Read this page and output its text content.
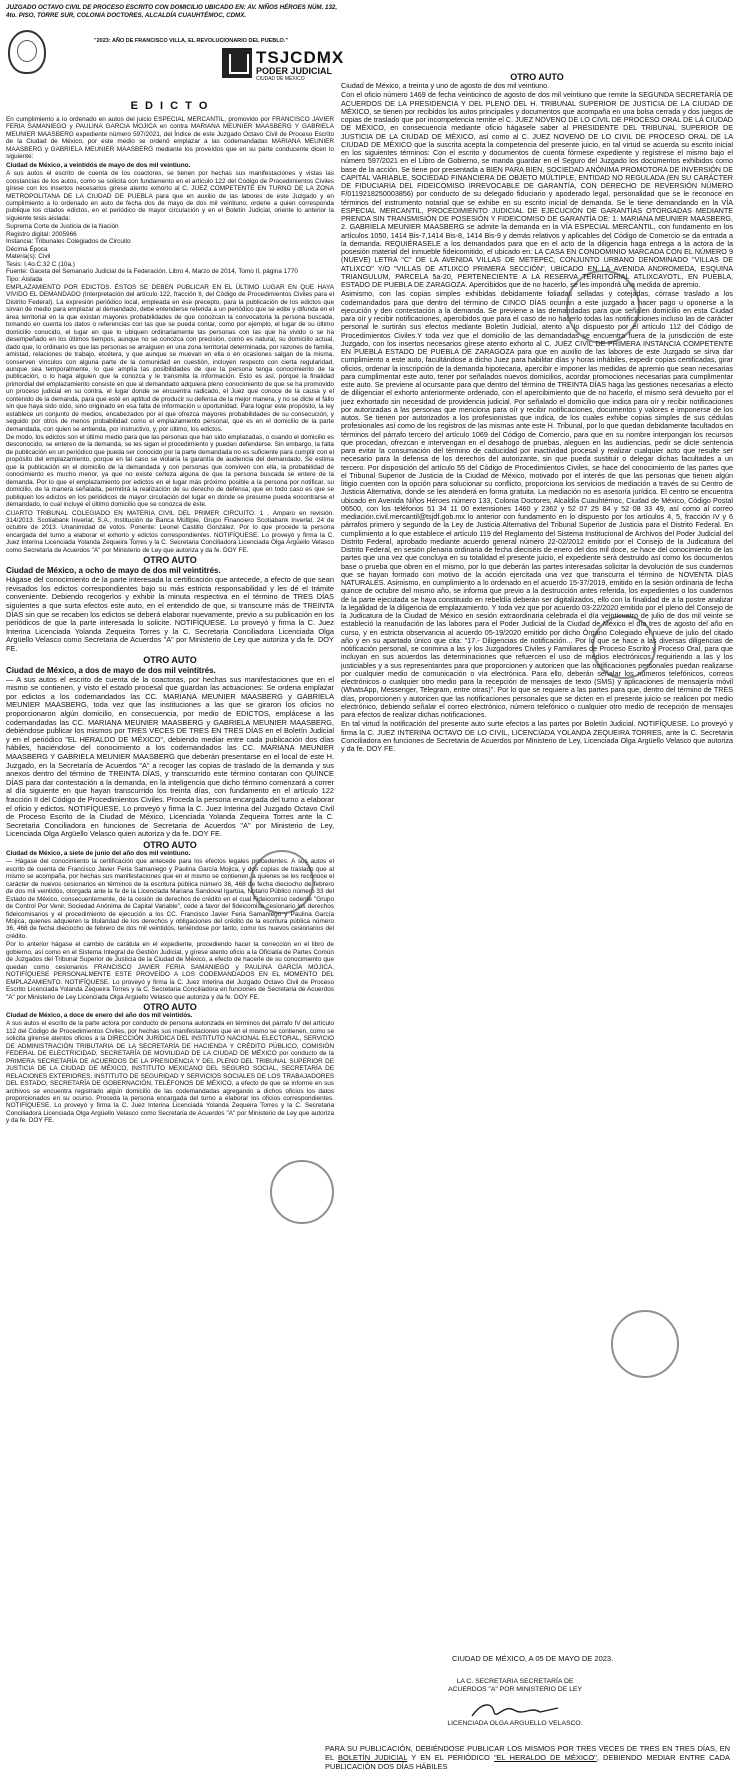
JUZGADO OCTAVO CIVIL DE PROCESO ESCRITO CON DOMICILIO UBICADO EN: AV. NIÑOS HÉROES NÚM. 132, 4to. PISO, TORRE SUR, COLONIA DOCTORES, ALCALDÍA CUAUHTÉMOC, CDMX.
"2023: AÑO DE FRANCISCO VILLA, EL REVOLUCIONARIO DEL PUEBLO."
TSJCDMX
PODER JUDICIAL
CIUDAD DE MÉXICO
E D I C T O

En cumplimiento a lo ordenado en autos del juicio ESPECIAL MERCANTIL, promovido por FRANCISCO JAVIER FERIA SAMANIEGO y PAULINA GARCIA MOJICA en contra MARIANA MEUNIER MAASBERG Y GABRIELA MEUNIER MAASBERG expediente número 597/2021, del Índice de este Juzgado Octavo Civil de Proceso Escrito de la Ciudad de México, por este medio se ordenó emplazar a las codemandadas MARIANA MEUNIER MAASBERG y GABRIELA MEUNIER MAASBERG mediante los proveídos que en su parte conducente dicen lo siguiente:

Ciudad de México, a veintidós de mayo de dos mil veintiuno.

A sus autos el escrito de cuenta de los coactores, se tienen por hechas sus manifestaciones y vistas las constancias de los autos, como se solicita con fundamento en el artículo 122 del Código de Procedimientos Civiles gírese con los insertos necesarios gírese atento exhorto al C. JUEZ COMPETENTE EN TURNO DE LA ZONA METROPOLITANA DE LA CIUDAD DE PUEBLA para que en auxilio de las labores de este Juzgado y en cumplimiento a lo ordenado en auto de fecha dos de mayo de dos mil veintiuno, ordene a quien corresponda publique los citados edictos, en el periódico de mayor circulación y en el Boletín Judicial, oriente lo anterior la siguiente tesis aislada:

Suprema Corte de Justicia de la Nación
Registro digital: 2005966
Instancia: Tribunales Colegiados de Circuito
Décima Época
Materia(s): Civil
Tesis: I.4o.C.32 C (10a.)
Fuente: Gaceta del Semanario Judicial de la Federación. Libro 4, Marzo de 2014, Tomo II, página 1770
Tipo: Aislada

EMPLAZAMIENTO POR EDICTOS. ÉSTOS SE DEBEN PUBLICAR EN EL ÚLTIMO LUGAR EN QUE HAYA VIVIDO EL DEMANDADO (Interpretación del artículo 122, fracción II, del Código de Procedimientos Civiles para el Distrito Federal). La expresión periódico local, empleada en ese precepto, para la publicación de los edictos que sirvan de medio para emplazar al demandado, debe entenderse referida a un periódico que se edite y difunda en el área territorial en la que existan mayores probabilidades de que conozcan la convocatoria la persona buscada, tomando en cuenta los datos o referencias con las que se pueda contar, como por ejemplo, el lugar de su último domicilio conocido, el lugar en que lo ubiquen ordinariamente las personas con las que ha vivido o se ha desempeñado en los últimos tiempos, aunque no se conozca con precisión, como es natural, su domicilio actual, dado que, lo ordinario es que las personas se arraiguen en una zona territorial determinada, por razones de familia, amistad, relaciones de trabajo, etcétera, y que aunque se muevan en ella o en ocasiones salgan de la misma, conserven vínculos con alguna parte de la comunidad en cuestión, incluyen respecto con cierta regularidad, aunque sea temporalmente, lo que amplía las posibilidades de que la persona tenga conocimiento de la publicación, o lo haga alguien que la conozca y le transmita la información. Esto es así, porque la finalidad primordial del emplazamiento consiste en que al demandado adquiera pleno conocimiento de que se ha promovido un proceso judicial en su contra, el lugar donde se encuentra radicado, el Juez que conoce de la causa y el contenido de la demanda, para que esté en aptitud de producir su defensa de la mejor manera, y no se dicte el fallo sin que haya sido oído, sino originado en esa falta de información u oportunidad. Para lograr este propósito, la ley establece un conjunto de medios, encabezados por el que ofrezca mayores probabilidades de su consecución, y seguido por otros de menos probabilidad como el emplazamiento personal, que es en el domicilio de la parte demandada, con quien se entienda, por instructivo, y, por último, los edictos.

De modo, los edictos son el último medio para que las personas que han sido emplazadas, o cuando el domicilio es desconocido, se enteren de la demanda, se les sigan el procedimiento y puedan defenderse. Sin embargo, la falta de publicación en un periódico que pueda ser conocido por la parte demandada no es suficiente para cumplir con el propósito del emplazamiento, porque en tal caso se violaría la garantía de audiencia del demandado. Se estima que la publicación en el domicilio de la demandada y con personas que conviven con ella, la probabilidad de conocimiento es mucho menor, ya que no existe certeza alguna de que la persona buscada se entere de la demanda. Por lo que el emplazamiento por edictos en el lugar más próximo posible a la persona por notificar, su domicilio, de la manera señalada, permitirá la realización de su derecho de defensa; que en todo caso es que se publiquen los edictos en los periódicos de mayor circulación del lugar en donde se presume pueda encontrarse el demandado, lo cual incluye el último domicilio que se conozca de éste.

CUARTO TRIBUNAL COLEGIADO EN MATERIA CIVIL DEL PRIMER CIRCUITO. 1 . Amparo en revisión. 314/2013. Scotiabank Inverlat, S.A., Institución de Banca Múltiple, Grupo Financiero Scotiabank Inverlat. 24 de octubre de 2013. Unanimidad de votos. Ponente: Leonel Castillo González. Por lo que procede la persona encargada del turno a elaborar el exhorto y edictos correspondientes. NOTIFÍQUESE. Lo proveyó y firma la C. Juez Interina Licenciada Yolanda Zequeira Torres y la C. Secretaria Conciliadora Licenciada Olga Argüello Velasco como Secretaria de Acuerdos "A" por Ministerio de Ley que autoriza y da fe. DOY FE.

OTRO AUTO

Ciudad de México, a ocho de mayo de dos mil veintitrés.

Hágase del conocimiento de la parte interesada la certificación que antecede, a efecto de que sean revisados los edictos correspondientes bajo su más estricta responsabilidad y les dé el trámite conveniente. Debiendo recogerlos y exhibir la minuta respectiva en el término de TRES DÍAS siguientes a que surta efectos este auto, en el entendido de que, si transcurre más de TREINTA DÍAS sin que se recaben los edictos se deberá elaborar nuevamente, previo a su publicación en los periódicos de que la parte interesada lo solicite. NOTIFÍQUESE. Lo proveyó y firma la C. Juez Interina Licenciada Yolanda Zequeira Torres y la C. Secretaria Conciliadora Licenciada Olga Argüello Velasco como Secretaria de Acuerdos "A" por Ministerio de Ley que autoriza y da fe. DOY FE.

OTRO AUTO

Ciudad de México, a dos de mayo de dos mil veintitrés.

— A sus autos el escrito de cuenta de la coactoras, por hechas sus manifestaciones que en el mismo se contienen, y visto el estado procesal que guardan las actuaciones: Se ordena emplazar por edictos a los codemandados las CC. MARIANA MEUNIER MAASBERG y GABRIELA MEUNIER MAASBERG, toda vez que las instituciones a las que se giraron los oficios no proporcionaron algún domicilio, en consecuencia, por medio de EDICTOS, emplácese a las codemandadas las CC. MARIANA MEUNIER MAASBERG y GABRIELA MEUNIER MAASBERG, debiéndose publicar los mismos por TRES VECES DE TRES EN TRES DÍAS en el Boletín Judicial y en el periódico "EL HERALDO DE MÉXICO", debiendo mediar entre cada publicación dos días hábiles, haciéndose del conocimiento a los codemandados las CC. MARIANA MEUNIER MAASBERG Y GABRIELA MEUNIER MAASBERG que deberán presentarse en el local de este H. Juzgado, en la Secretaría de Acuerdos "A" a recoger las copias de traslado de la demanda y sus anexos dentro del término de TREINTA DÍAS, y transcurrido este término contaran con QUINCE DÍAS para dar contestación a la demanda, en la inteligencia que dicho término comenzará a correr al día siguiente en que hayan transcurrido los treinta días, con fundamento en el artículo 122 fracción II del Código de Procedimientos Civiles. Proceda la persona encargada del turno a elaborar el oficio y edictos. NOTIFÍQUESE. Lo proveyó y firma la C. Juez Interina del Juzgado Octavo Civil de Proceso Escrito de la Ciudad de México, Licenciada Yolanda Zequeira Torres ante la C. Secretaria Conciliadora en funciones de Secretaria de Acuerdos "A" por Ministerio de Ley, Licenciada Olga Argüello Velasco quien autoriza y da fe. DOY FE.

OTRO AUTO

Ciudad de México, a siete de junio del año dos mil veintiuno.

— Hágase del conocimiento la certificación que antecede para los efectos legales procedentes. A sus autos el escrito de cuenta de Francisco Javier Feria Samaniego y Paulina García Mojica, y dos copias de traslado que al mismo se acompaña, por hechas sus manifestaciones que en el mismo se contienen, a quienes se les reconoce el carácter de nuevos cesionarios en términos de la escritura pública número 36, 468 de fecha dieciocho de febrero de dos mil veintidós, otorgada ante la fe de la Licenciada Mariana Sandoval Igartúa, Notario Público número 33 del Estado de México, consecuentemente, de la cesión de derechos de crédito en el cual Fideicomiso cedente "Grupo de Control Por Venir, Sociedad Anónima de Capital Variable", cede a favor del fideicomiso cesionario los derechos fideicomisarios y el procedimiento de ejecución a los CC. Francisco Javier Feria Samaniego y Paulina García Mojica, quienes adquieren la titularidad de los derechos y obligaciones del crédito de la escritura pública número 36, 468 de fecha dieciocho de febrero de dos mil veintidós, teniéndose por tanto, como los nuevos cesionarios del crédito.

Por lo anterior hágase el cambio de carátula en el expediente, procediendo hacer la corrección en el libro de gobierno, así como en el Sistema Integral de Gestión Judicial, y gírese atento oficio a la Oficialía de Partes Común de Juzgados del Tribunal Superior de Justicia de la Ciudad de México, a efecto de hacerle de su conocimiento que quedan como cesionarios FRANCISCO JAVIER FERIA SAMANIEGO y PAULINA GARCÍA MOJICA. NOTIFÍQUESE PERSONALMENTE ESTE PROVEÍDO A LOS CODEMANDADOS EN EL MOMENTO DEL EMPLAZAMIENTO. NOTIFÍQUESE. Lo proveyó y firma la C. Juez Interina del Juzgado Octavo Civil de Proceso Escrito Licenciada Yolanda Zequeira Torres y la C. Secretaria Conciliadora en funciones de Secretaria de Acuerdos "A" por Ministerio de Ley Licenciada Olga Argüello Velasco que autoriza y da fe. DOY FE.

OTRO AUTO

Ciudad de México, a doce de enero del año dos mil veintidós.

A sus autos el escrito de la parte actora por conducto de persona autorizada en términos del párrafo IV del artículo 112 del Código de Procedimientos Civiles, por hechas sus manifestaciones que en el mismo se contienen, como se solicita gírense atentos oficios a la DIRECCIÓN JURÍDICA DEL INSTITUTO NACIONAL ELECTORAL, SERVICIO DE ADMINISTRACIÓN TRIBUTARIA DE LA SECRETARÍA DE HACIENDA Y CRÉDITO PÚBLICO, COMISIÓN FEDERAL DE ELECTRICIDAD, SECRETARÍA DE MOVILIDAD DE LA CIUDAD DE MÉXICO por conducto de la PRIMERA SECRETARÍA DE ACUERDOS DE LA PRESIDENCIA Y DEL PLENO DEL TRIBUNAL SUPERIOR DE JUSTICIA DE LA CIUDAD DE MÉXICO, INSTITUTO MEXICANO DEL SEGURO SOCIAL, SECRETARÍA DE RELACIONES EXTERIORES, INSTITUTO DE SEGURIDAD Y SERVICIOS SOCIALES DE LOS TRABAJADORES DEL ESTADO, SECRETARÍA DE GOBERNACIÓN, TELÉFONOS DE MÉXICO, a efecto de que se informe en sus archivos se encuentra registrado algún domicilio de las codemandadas agregando a dichos oficios los datos proporcionados en su ocurso. Proceda la persona encargada del turno a elaborar los oficios correspondientes. NOTIFÍQUESE. Lo proveyó y firma la C. Juez Interina Licenciada Yolanda Zequeira Torres y la C. Secretaria Conciliadora Licenciada Olga Argüello Velasco como Secretaria de Acuerdos "A" por Ministerio de Ley que autoriza y da fe. DOY FE.

OTRO AUTO

Ciudad de México, a treinta y uno de agosto de dos mil veintiuno.

Con el oficio número 1469 de fecha veinticinco de agosto de dos mil veintiuno que remite la SEGUNDA SECRETARÍA DE ACUERDOS DE LA PRESIDENCIA Y DEL PLENO DEL H. TRIBUNAL SUPERIOR DE JUSTICIA DE LA CIUDAD DE MÉXICO, se tienen por recibidos los autos principales y documentos que acompaña en una bolsa cerrada y dos juegos de copias de traslado que por incompetencia remite el C. JUEZ NOVENO DE LO CIVIL DE PROCESO ORAL DE LA CIUDAD DE MÉXICO, en consecuencia mediante oficio hágasele saber al PRESIDENTE DEL TRIBUNAL SUPERIOR DE JUSTICIA DE LA CIUDAD DE MÉXICO, así como al C. JUEZ NOVENO DE LO CIVIL DE PROCESO ORAL DE LA CIUDAD DE MÉXICO que la suscrita acepta la competencia del presente juicio, en tal virtud se acuerda su escrito inicial en los siguientes términos: Con el escrito y documentos de cuenta fórmese expediente y regístrese el mismo bajo el número 597/2021 en el Libro de Gobierno, se manda guardar en el Seguro del Juzgado los documentos exhibidos como base de la acción. Se tiene por presentada a BIEN PARA BIEN, SOCIEDAD ANÓNIMA PROMOTORA DE INVERSIÓN DE CAPITAL VARIABLE, SOCIEDAD FINANCIERA DE OBJETO MÚLTIPLE, ENTIDAD NO REGULADA (EN SU CARÁCTER DE FIDUCIARIA DEL FIDEICOMISO IRREVOCABLE DE GARANTÍA, CON DERECHO DE REVERSIÓN NÚMERO F/0119218250003856) por conducto de su delegado fiduciario y apoderado legal, personalidad que se le reconoce en términos del instrumento notarial que se exhibe en su escrito inicial de demanda. Se le tiene demandando en la VÍA ESPECIAL MERCANTIL, PROCEDIMIENTO JUDICIAL DE EJECUCIÓN DE GARANTÍAS OTORGADAS MEDIANTE PRENDA SIN TRANSMISIÓN DE POSESIÓN Y FIDEICOMISO DE GARANTÍA DE: 1. MARIANA MEUNIER MAASBERG, 2. GABRIELA MEUNIER MAASBERG se admite la demanda en la VÍA ESPECIAL MERCANTIL, con fundamento en los artículos 1050, 1414 Bis-7,1414 Bis-8, 1414 Bis-9 y demás relativos y aplicables del Código de Comercio se da entrada a la demanda. REQUIÉRASELE a los demandados para que en el acto de la diligencia haga entrega a la actora de la posesión material del inmueble fideicomitido, el ubicado en: LA CASA EN CONDOMINIO MARCADA CON EL NÚMERO 9 (NUEVE) LETRA "C" DE LA AVENIDA VILLAS DE METEPEC, CONJUNTO URBANO DENOMINADO "VILLAS DE ATLIXCO" Y/O "VILLAS DE ATLIXCO PRIMERA SECCIÓN", UBICADO EN LA AVENIDA ANDROMEDA, ESQUINA TRIANGULUM, PARCELA 5a-20, PERTENECIENTE A LA RESERVA TERRITORIAL ATLIXCAYOTL, EN PUEBLA, ESTADO DE PUEBLA DE ZARAGOZA. Apercibidos que de no hacerlo, se les impondrá una medida de apremio.

Asimismo, con las copias simples exhibidas debidamente foliadas selladas y cotejadas, córrase traslado a los codemandados para que dentro del término de CINCO DÍAS ocurran a este juzgado a hacer pago u oponerse a la ejecución y den contestación a la demanda. Se previene a las demandadas para que señalen domicilio en esta Ciudad para oír y recibir notificaciones, apercibidos que para el caso de no hacerlo todas las notificaciones incluso las de carácter personal le surtirán sus efectos mediante Boletín Judicial, atento a lo dispuesto por el artículo 112 del Código de Procedimientos Civiles.Y toda vez que el domicilio de las demandadas se encuentra fuera de la jurisdicción de este Juzgado, con los insertos necesarios gírese atento exhorto al C. JUEZ CIVIL DE PRIMERA INSTANCIA COMPETENTE EN PUEBLA ESTADO DE PUEBLA DE ZARAGOZA para que en auxilio de las labores de este Juzgado se sirva dar cumplimiento a este auto, facultándose a dicho Juez para habilitar días y horas inhábiles, expedir copias certificadas, girar oficios, ordenar la inscripción de la demanda hipotecaria, apercibir e imponer las medidas de apremio que sean necesarias para cumplimentar este auto, tener por señalados nuevos domicilios, acordar promociones necesarias para cumplimentar este auto. Se previene al ocursante para que dentro del término de TREINTA DÍAS haga las gestiones necesarias a efecto de diligenciar el exhorto anteriormente ordenado, con el apercibimiento que de no hacerlo, el mismo será devuelto por el juez exhortado sin necesidad de providencia judicial. Por señalado el domicilio que indica para oír y recibir notificaciones por autorizadas a las personas que menciona para oír y recibir notificaciones, documentos y valores e imponerse de los autos. Se tienen por autorizados a los profesionistas que indica, de los cuales exhibe copias simples de sus cédulas profesionales así como de los registros de las mismas ante este H. Tribunal, por lo que quedan debidamente facultados en términos del párrafo tercero del artículo 1069 del Código de Comercio, para que en su nombre interpongan los recursos que procedan, ofrezcan e intervengan en el desahogo de pruebas, aleguen en las audiencias, pedir se dicte sentencia para evitar la consumación del término de caducidad por inactividad procesal y realizar cualquier acto que resulte ser necesario para la defensa de los derechos del autorizante, sin que pueda sustituir o delegar dichas facultades a un tercero. Por disposición del artículo 55 del Código de Procedimientos Civiles, se hace del conocimiento de las partes que el Tribunal Superior de Justicia de la Ciudad de México, motivado por el interés de que las personas que tienen algún litigio cuenten con la opción para solucionar su conflicto, proporciona los servicios de mediación a través de su Centro de Justicia Alternativa, donde se les atenderá en forma gratuita. La mediación no es asesoría jurídica. El centro se encuentra ubicado en Avenida Niños Héroes número 133, Colonia Doctores, Alcaldía Cuauhtémoc, Ciudad de México, Código Postal 06500, con los teléfonos 51 34 11 00 extensiones 1460 y 2362 y 52 07 25 84 y 52 08 33 49, así como al correo mediación.civil.mercantil@tsjdf.gob.mx lo anterior con fundamento en lo dispuesto por los artículos 4, 5, fracción IV y 6 párrafos primero y segundo de la Ley de Justicia Alternativa del Tribunal Superior de Justicia para el Distrito Federal. En cumplimiento a lo que establece el artículo 119 del Reglamento del Sistema Institucional de Archivos del Poder Judicial del Distrito Federal, aprobado mediante acuerdo general número 22-02/2012 emitido por el Consejo de la Judicatura del Distrito Federal, en sesión plenaria ordinaria de fecha dieciséis de enero del dos mil doce, se hace del conocimiento de las partes que una vez que concluya en su totalidad el presente juicio, el expediente será destruido así como los documentos base o prueba que obren en el mismo, por lo que deberán las partes interesadas solicitar la devolución de sus cuadernos que se hayan formado con motivo de la acción ejercitada una vez que transcurra el término de NOVENTA DÍAS NATURALES. Asimismo, en cumplimiento a lo ordenado en el acuerdo 15-37/2019, emitido en la sesión ordinaria de fecha quince de octubre del mismo año, se informa que previo a la destrucción antes referida, los expedientes o los cuadernos de la parte ejecutada se haya constituido en rebeldía deberán ser digitalizados, ello con la finalidad de a la postre analizar la legalidad de la diligencia de emplazamiento. Y toda vez que por acuerdo 03-22/2020 emitido por el pleno del Consejo de la Judicatura de la Ciudad de México en sesión extraordinaria celebrada el día veinticuatro de julio de dos mil veinte se estableció la reanudación de las labores para el Poder Judicial de la Ciudad de México el día tres de agosto del año en curso, y en estricta observancia al acuerdo 05-19/2020 emitido por dicho Órgano Colegiado el nueve de julio del citado año y en su apartado único que cita: "17.- Diligencias de notificación... Por lo que se hace a las diversas diligencias de notificación personal, se conmina a las y los Juzgadores Civiles y Familiares de Proceso Escrito y Proceso Oral, para que incluyan en sus acuerdos las determinaciones que refuercen el uso de medios electrónicos, requiriendo a las y los justiciables y a sus representantes para que proporcionen y autoricen que las notificaciones personales puedan realizarse por cualquier medio de comunicación o vía electrónica. Para ello, deberán señalar los números telefónicos, correos electrónicos o cualquier otro medio para la recepción de mensajes de texto (SMS) y aplicaciones de mensajería móvil (WhatsApp, Messenger, Telegram, entre otras)". Por lo que se requiere a las partes para que, dentro del término de TRES días, proporcionen y autoricen que las notificaciones personales que se dicten en el presente juicio se realicen por medio electrónico, debiendo señalar el correo electrónico, número telefónico o cualquier otro medio de recepción de mensajes para efectos de realizar dichas notificaciones.

En tal virtud la notificación del presente auto surte efectos a las partes por Boletín Judicial. NOTIFÍQUESE. Lo proveyó y firma la C. JUEZ INTERINA OCTAVO DE LO CIVIL, LICENCIADA YOLANDA ZEQUEIRA TORRES, ante la C. Secretaria Conciliadora en funciones de Secretaria de Acuerdos por Ministerio de Ley, Licenciada Olga Argüello Velasco que autoriza y da fe. DOY FE.

CIUDAD DE MÉXICO, A 05 DE MAYO DE 2023.
LA C. SECRETARIA SECRETARÍA DE
ACUERDOS "A" POR MINISTERIO DE LEY
LICENCIADA OLGA ARGUELLO VELASCO.
PARA SU PUBLICACIÓN, DEBIÉNDOSE PUBLICAR LOS MISMOS POR TRES VECES DE TRES EN TRES DÍAS, EN EL BOLETÍN JUDICIAL Y EN EL PERIÓDICO "EL HERALDO DE MÉXICO", DEBIENDO MEDIAR ENTRE CADA PUBLICACIÓN DOS DÍAS HÁBILES
